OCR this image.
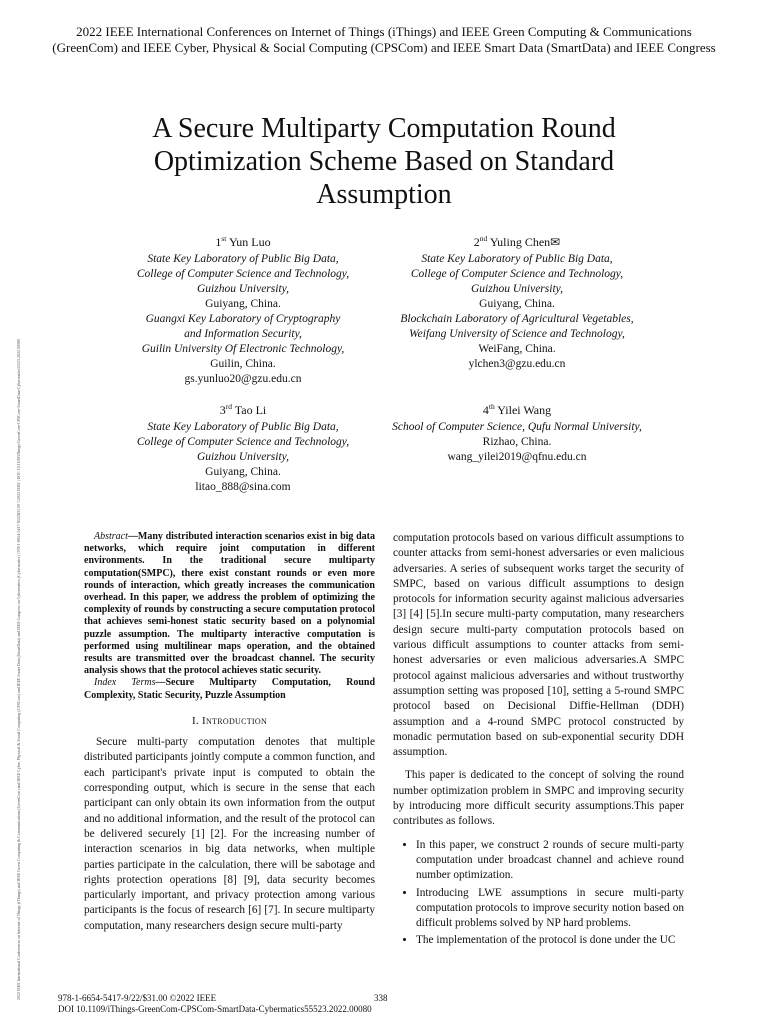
2022 IEEE International Conferences on Internet of Things (iThings) and IEEE Green Computing & Communications
(GreenCom) and IEEE Cyber, Physical & Social Computing (CPSCom) and IEEE Smart Data (SmartData) and IEEE Congress
2022 IEEE International Conferences on Internet of Things (iThings) and IEEE Green Computing & Communications (GreenCom) and IEEE Cyber, Physical & Social Computing (CPSCom) and IEEE Smart Data (SmartData) and IEEE Congress on Cybermatics (Cybermatics) | 978-1-6654-5417-9/22/$31.00 ©2022 IEEE | DOI: 10.1109/iThings-GreenCom-CPSCom-SmartData-Cybermatics55523.2022.00080
A Secure Multiparty Computation Round
Optimization Scheme Based on Standard
Assumption
1st Yun Luo
State Key Laboratory of Public Big Data,
College of Computer Science and Technology,
Guizhou University,
Guiyang, China.
Guangxi Key Laboratory of Cryptography
and Information Security,
Guilin University Of Electronic Technology,
Guilin, China.
gs.yunluo20@gzu.edu.cn
2nd Yuling Chen✉
State Key Laboratory of Public Big Data,
College of Computer Science and Technology,
Guizhou University,
Guiyang, China.
Blockchain Laboratory of Agricultural Vegetables,
Weifang University of Science and Technology,
WeiFang, China.
ylchen3@gzu.edu.cn
3rd Tao Li
State Key Laboratory of Public Big Data,
College of Computer Science and Technology,
Guizhou University,
Guiyang, China.
litao_888@sina.com
4th Yilei Wang
School of Computer Science, Qufu Normal University,
Rizhao, China.
wang_yilei2019@qfnu.edu.cn
Abstract—Many distributed interaction scenarios exist in big data networks, which require joint computation in different environments. In the traditional secure multiparty computation(SMPC), there exist constant rounds or even more rounds of interaction, which greatly increases the communication overhead. In this paper, we address the problem of optimizing the complexity of rounds by constructing a secure computation protocol that achieves semi-honest static security based on a polynomial puzzle assumption. The multiparty interactive computation is performed using multilinear maps operation, and the obtained results are transmitted over the broadcast channel. The security analysis shows that the protocol achieves static security.
Index Terms—Secure Multiparty Computation, Round Complexity, Static Security, Puzzle Assumption
I. Introduction

Secure multi-party computation denotes that multiple distributed participants jointly compute a common function, and each participant's private input is computed to obtain the corresponding output, which is secure in the sense that each participant can only obtain its own information from the output and no additional information, and the result of the protocol can be delivered securely [1] [2]. For the increasing number of interaction scenarios in big data networks, when multiple parties participate in the calculation, there will be sabotage and rights protection operations [8] [9], data security becomes particularly important, and privacy protection among various participants is the focus of research [6] [7]. In secure multiparty computation, many researchers design secure multi-party

computation protocols based on various difficult assumptions to counter attacks from semi-honest adversaries or even malicious adversaries. A series of subsequent works target the security of SMPC, based on various difficult assumptions to design protocols for information security against malicious adversaries [3] [4] [5].In secure multi-party computation, many researchers design secure multi-party computation protocols based on various difficult assumptions to counter attacks from semi-honest adversaries or even malicious adversaries.A SMPC protocol against malicious adversaries and without trustworthy assumption setting was proposed [10], setting a 5-round SMPC protocol based on Decisional Diffie-Hellman (DDH) assumption and a 4-round SMPC protocol constructed by monadic permutation based on sub-exponential security DDH assumption.

This paper is dedicated to the concept of solving the round number optimization problem in SMPC and improving security by introducing more difficult security assumptions.This paper contributes as follows.

• In this paper, we construct 2 rounds of secure multi-party computation under broadcast channel and achieve round number optimization.
• Introducing LWE assumptions in secure multi-party computation protocols to improve security notion based on difficult problems solved by NP hard problems.
• The implementation of the protocol is done under the UC
978-1-6654-5417-9/22/$31.00 ©2022 IEEE
DOI 10.1109/iThings-GreenCom-CPSCom-SmartData-Cybermatics55523.2022.00080
338
